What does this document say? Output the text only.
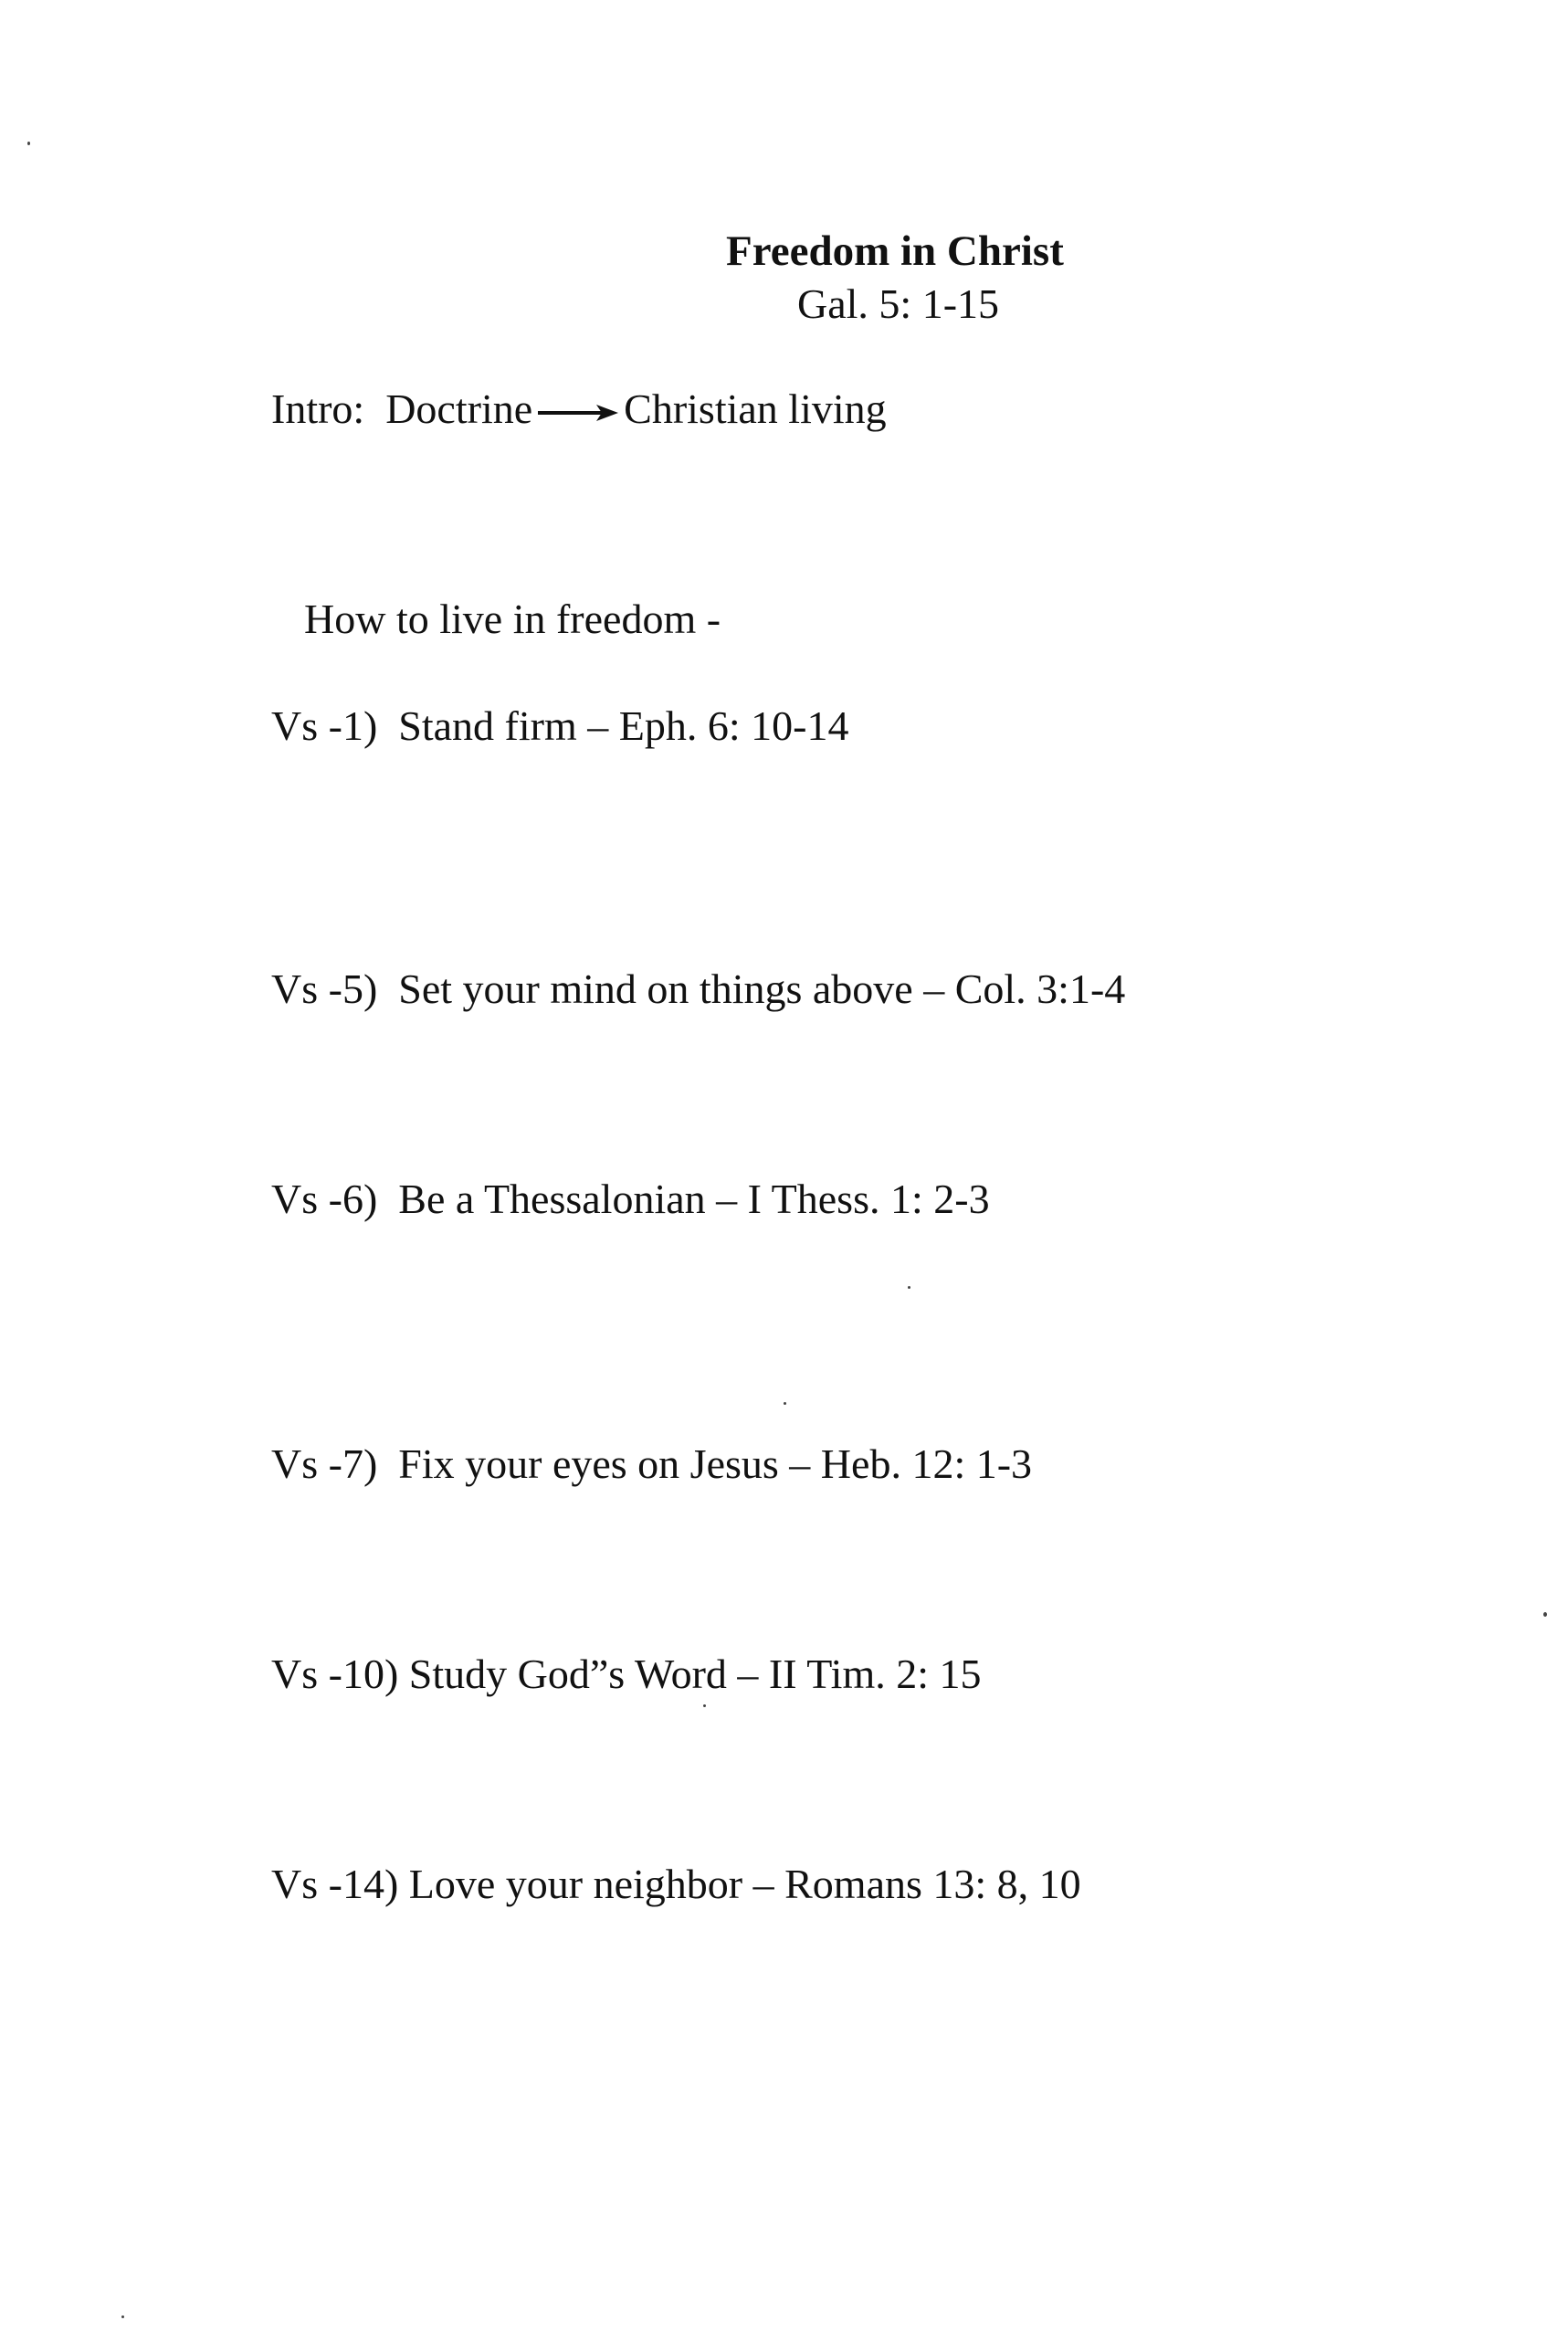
Freedom in Christ
Gal. 5: 1-15
Intro: Doctrine Christian living
How to live in freedom -
Vs -1) Stand firm – Eph. 6: 10-14
Vs -5) Set your mind on things above – Col. 3:1-4
Vs -6) Be a Thessalonian – I Thess. 1: 2-3
Vs -7) Fix your eyes on Jesus – Heb. 12: 1-3
Vs -10) Study God”s Word – II Tim. 2: 15
Vs -14) Love your neighbor – Romans 13: 8, 10
